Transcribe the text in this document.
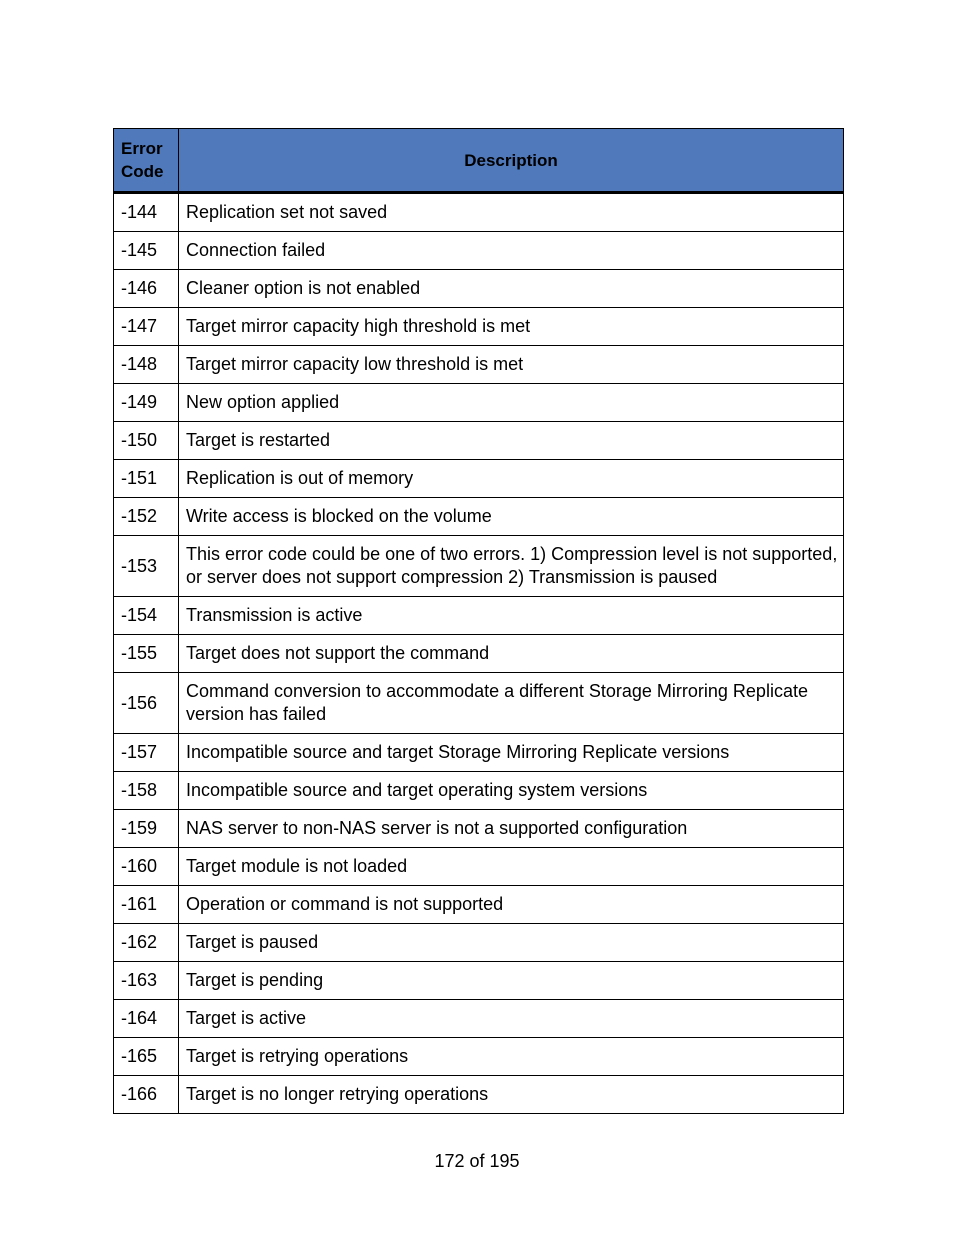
Error Code	Description
-144	Replication set not saved
-145	Connection failed
-146	Cleaner option is not enabled
-147	Target mirror capacity high threshold is met
-148	Target mirror capacity low threshold is met
-149	New option applied
-150	Target is restarted
-151	Replication is out of memory
-152	Write access is blocked on the volume
-153	This error code could be one of two errors. 1) Compression level is not supported, or server does not support compression 2) Transmission is paused
-154	Transmission is active
-155	Target does not support the command
-156	Command conversion to accommodate a different Storage Mirroring Replicate version has failed
-157	Incompatible source and target Storage Mirroring Replicate versions
-158	Incompatible source and target operating system versions
-159	NAS server to non-NAS server is not a supported configuration
-160	Target module is not loaded
-161	Operation or command is not supported
-162	Target is paused
-163	Target is pending
-164	Target is active
-165	Target is retrying operations
-166	Target is no longer retrying operations
172 of 195
